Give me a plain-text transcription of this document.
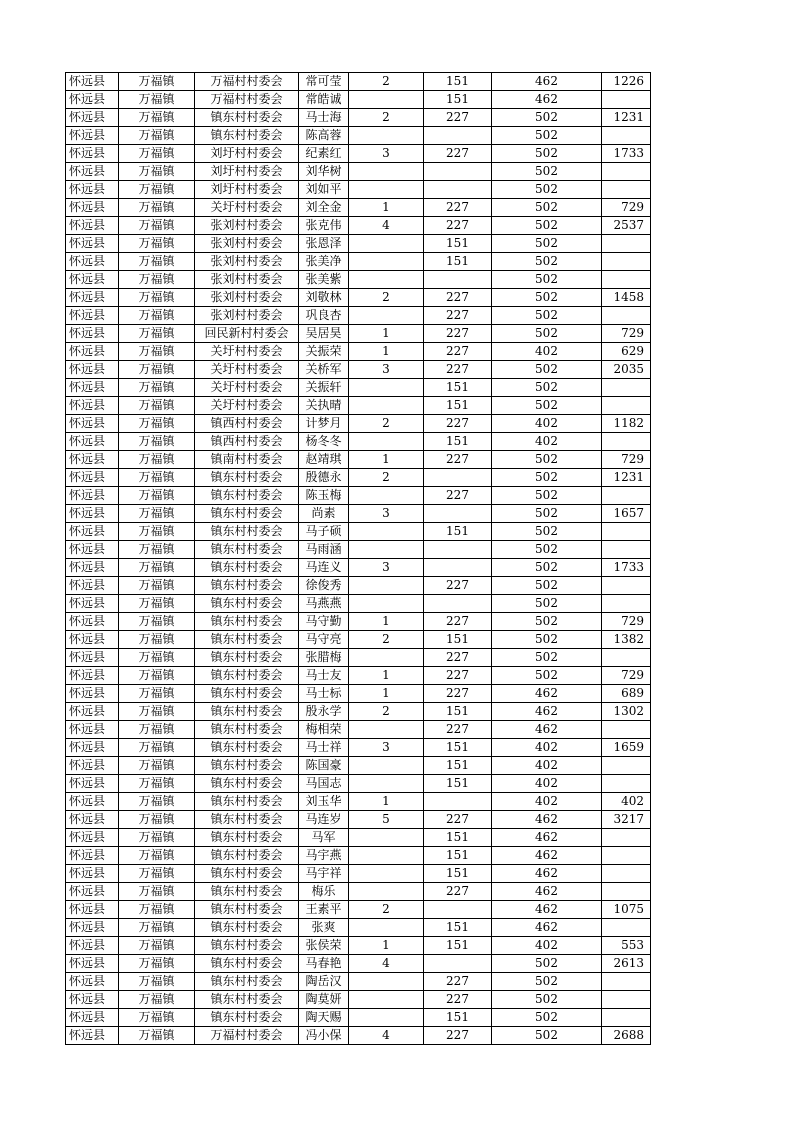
怀远县	万福镇	万福村村委会	常可莹	2	151	462	1226
怀远县	万福镇	万福村村委会	常皓诚		151	462	
怀远县	万福镇	镇东村村委会	马士海	2	227	502	1231
怀远县	万福镇	镇东村村委会	陈高蓉			502	
怀远县	万福镇	刘圩村村委会	纪素红	3	227	502	1733
怀远县	万福镇	刘圩村村委会	刘华树			502	
怀远县	万福镇	刘圩村村委会	刘如平			502	
怀远县	万福镇	关圩村村委会	刘全金	1	227	502	729
怀远县	万福镇	张刘村村委会	张克伟	4	227	502	2537
怀远县	万福镇	张刘村村委会	张恩泽		151	502	
怀远县	万福镇	张刘村村委会	张美净		151	502	
怀远县	万福镇	张刘村村委会	张美紫			502	
怀远县	万福镇	张刘村村委会	刘敬林	2	227	502	1458
怀远县	万福镇	张刘村村委会	巩良杏		227	502	
怀远县	万福镇	回民新村村委会	吴居昊	1	227	502	729
怀远县	万福镇	关圩村村委会	关振荣	1	227	402	629
怀远县	万福镇	关圩村村委会	关桥军	3	227	502	2035
怀远县	万福镇	关圩村村委会	关振轩		151	502	
怀远县	万福镇	关圩村村委会	关执晴		151	502	
怀远县	万福镇	镇西村村委会	计梦月	2	227	402	1182
怀远县	万福镇	镇西村村委会	杨冬冬		151	402	
怀远县	万福镇	镇南村村委会	赵靖琪	1	227	502	729
怀远县	万福镇	镇东村村委会	殷德永	2		502	1231
怀远县	万福镇	镇东村村委会	陈玉梅		227	502	
怀远县	万福镇	镇东村村委会	尚素	3		502	1657
怀远县	万福镇	镇东村村委会	马子硕		151	502	
怀远县	万福镇	镇东村村委会	马雨涵			502	
怀远县	万福镇	镇东村村委会	马连义	3		502	1733
怀远县	万福镇	镇东村村委会	徐俊秀		227	502	
怀远县	万福镇	镇东村村委会	马燕燕			502	
怀远县	万福镇	镇东村村委会	马守勤	1	227	502	729
怀远县	万福镇	镇东村村委会	马守亮	2	151	502	1382
怀远县	万福镇	镇东村村委会	张腊梅		227	502	
怀远县	万福镇	镇东村村委会	马士友	1	227	502	729
怀远县	万福镇	镇东村村委会	马士标	1	227	462	689
怀远县	万福镇	镇东村村委会	殷永学	2	151	462	1302
怀远县	万福镇	镇东村村委会	梅相荣		227	462	
怀远县	万福镇	镇东村村委会	马士祥	3	151	402	1659
怀远县	万福镇	镇东村村委会	陈国豪		151	402	
怀远县	万福镇	镇东村村委会	马国志		151	402	
怀远县	万福镇	镇东村村委会	刘玉华	1		402	402
怀远县	万福镇	镇东村村委会	马连岁	5	227	462	3217
怀远县	万福镇	镇东村村委会	马军		151	462	
怀远县	万福镇	镇东村村委会	马宇燕		151	462	
怀远县	万福镇	镇东村村委会	马宇祥		151	462	
怀远县	万福镇	镇东村村委会	梅乐		227	462	
怀远县	万福镇	镇东村村委会	王素平	2		462	1075
怀远县	万福镇	镇东村村委会	张爽		151	462	
怀远县	万福镇	镇东村村委会	张侯荣	1	151	402	553
怀远县	万福镇	镇东村村委会	马春艳	4		502	2613
怀远县	万福镇	镇东村村委会	陶岳汉		227	502	
怀远县	万福镇	镇东村村委会	陶莫妍		227	502	
怀远县	万福镇	镇东村村委会	陶天赐		151	502	
怀远县	万福镇	万福村村委会	冯小保	4	227	502	2688
